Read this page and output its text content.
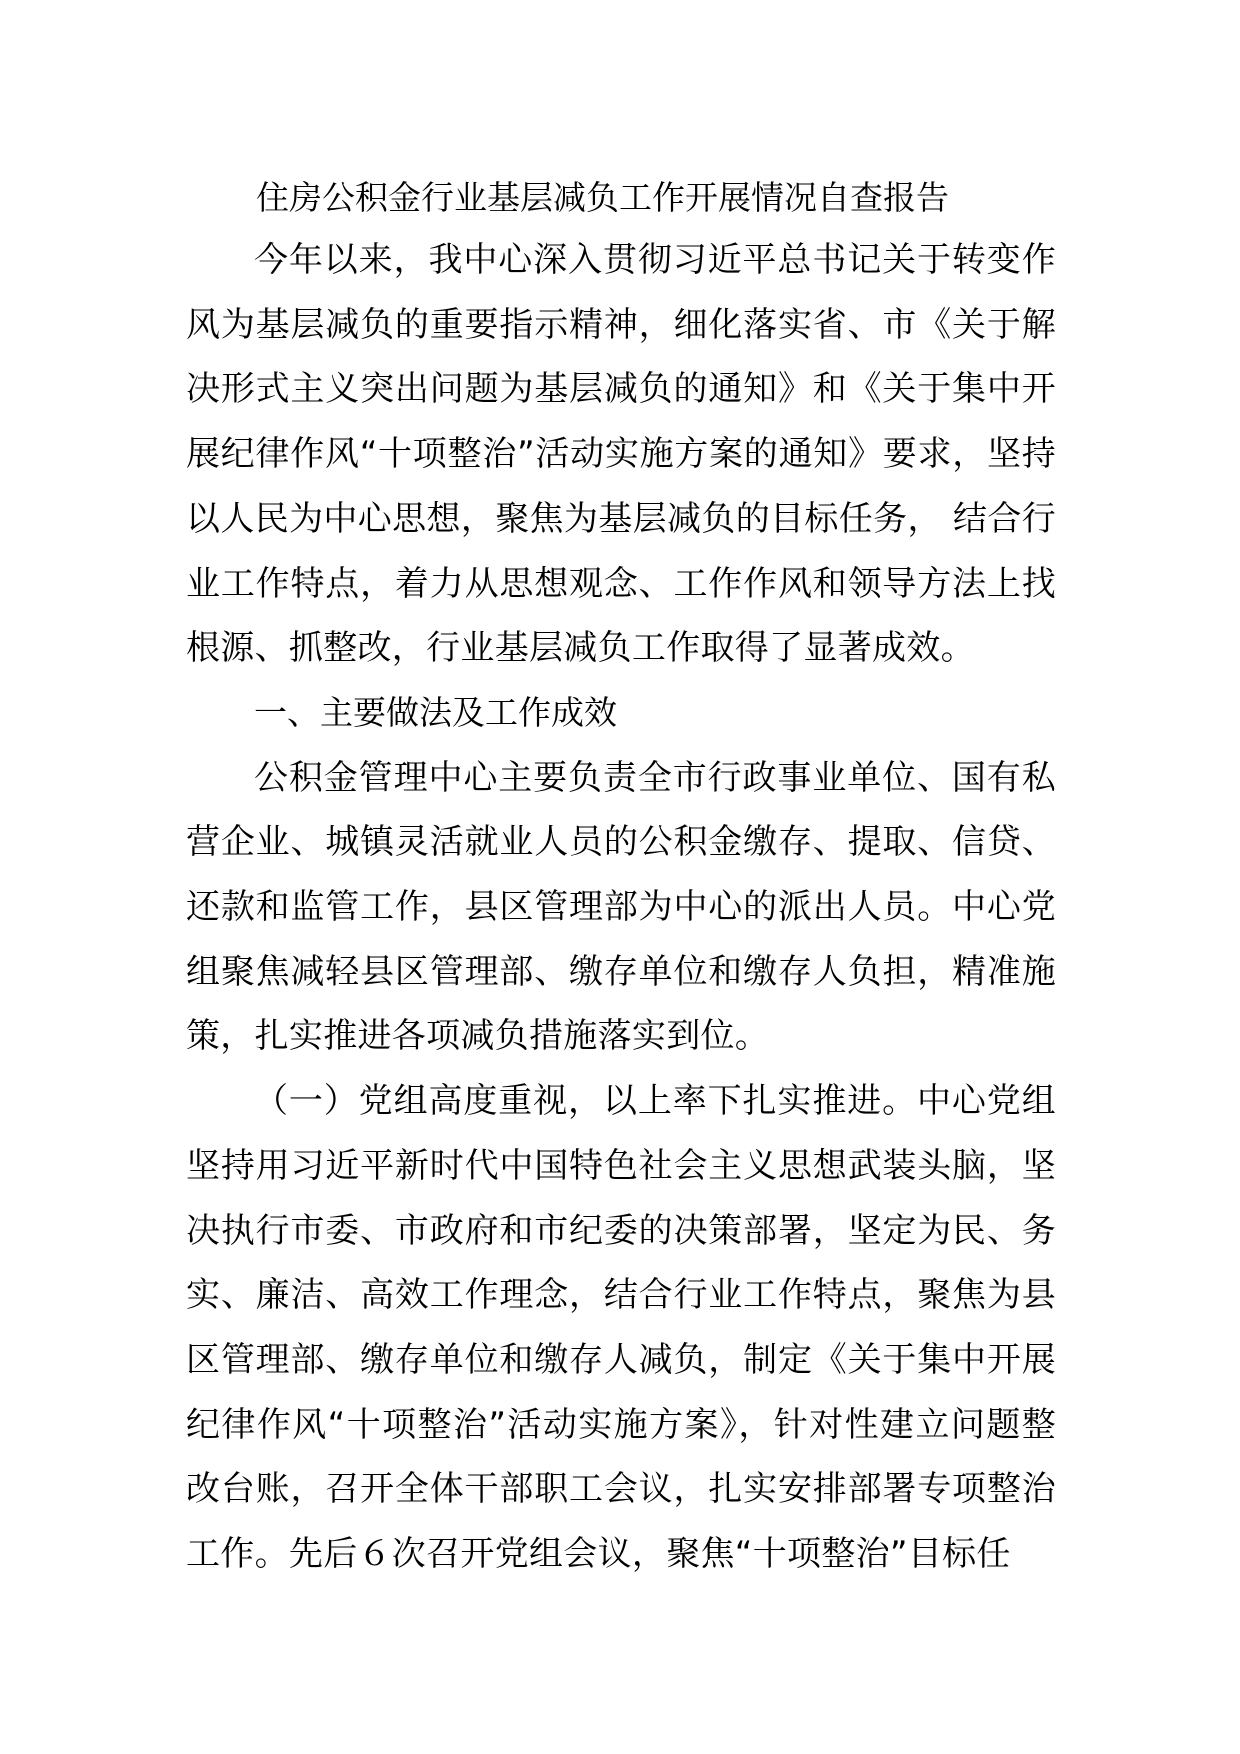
住房公积金行业基层减负工作开展情况自查报告

今年以来，我中心深入贯彻习近平总书记关于转变作风为基层减负的重要指示精神，细化落实省、市《关于解决形式主义突出问题为基层减负的通知》和《关于集中开展纪律作风“十项整治”活动实施方案的通知》要求，坚持以人民为中心思想，聚焦为基层减负的目标任务， 结合行业工作特点，着力从思想观念、工作作风和领导方法上找根源、抓整改，行业基层减负工作取得了显著成效。

一、主要做法及工作成效

公积金管理中心主要负责全市行政事业单位、国有私营企业、城镇灵活就业人员的公积金缴存、提取、信贷、还款和监管工作，县区管理部为中心的派出人员。中心党组聚焦减轻县区管理部、缴存单位和缴存人负担，精准施策，扎实推进各项减负措施落实到位。

（一）党组高度重视，以上率下扎实推进。中心党组坚持用习近平新时代中国特色社会主义思想武装头脑，坚决执行市委、市政府和市纪委的决策部署，坚定为民、务实、廉洁、高效工作理念，结合行业工作特点，聚焦为县区管理部、缴存单位和缴存人减负，制定《关于集中开展纪律作风“十项整治”活动实施方案》，针对性建立问题整改台账，召开全体干部职工会议，扎实安排部署专项整治工作。先后６次召开党组会议，聚焦“十项整治”目标任
